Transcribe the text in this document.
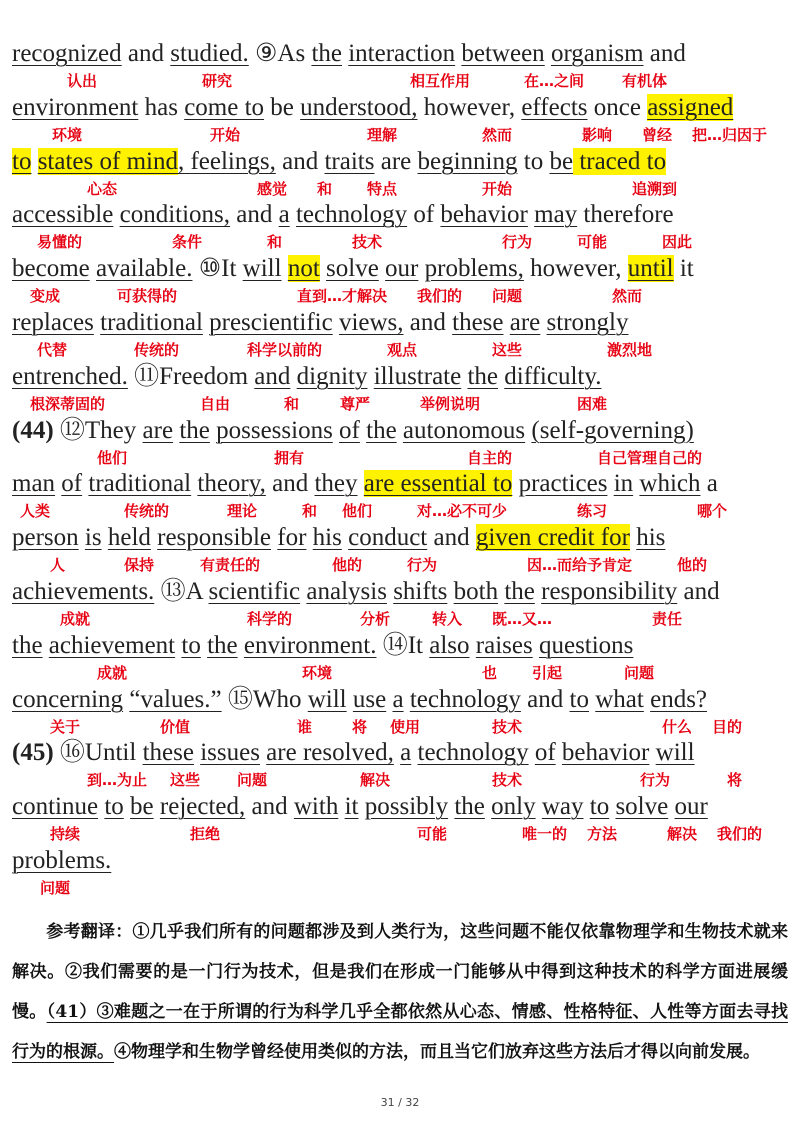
recognized and studied. ⑨As the interaction between organism and
认出	研究	相互作用	在…之间	有机体
environment has come to be understood, however, effects once assigned
环境	开始	理解	然而	影响 曾经 把…归因于
to states of mind, feelings, and traits are beginning to be traced to
心态	感觉 和 特点	开始	追溯到
accessible conditions, and a technology of behavior may therefore
易懂的	条件	和	技术	行为	可能	因此
become available. ⑩It will not solve our problems, however, until it
变成	可获得的	直到…才解决 我们的 问题	然而
replaces traditional prescientific views, and these are strongly
代替	传统的	科学以前的	观点	这些	激烈地
entrenched. ⑪Freedom and dignity illustrate the difficulty.
根深蒂固的	自由	和	尊严	举例说明	困难
(44) ⑫They are the possessions of the autonomous (self-governing)
他们	拥有	自主的	自己管理自己的
man of traditional theory, and they are essential to practices in which a
人类	传统的	理论	和 他们	对…必不可少	练习	哪个
person is held responsible for his conduct and given credit for his
人	保持	有责任的	他的	行为	因…而给予肯定	他的
achievements. ⑬A scientific analysis shifts both the responsibility and
成就	科学的	分析	转入 既…又…	责任
the achievement to the environment. ⑭It also raises questions
成就	环境	也 引起	问题
concerning “values.” ⑮Who will use a technology and to what ends?
关于	价值	谁	将 使用	技术	什么 目的
(45) ⑯Until these issues are resolved, a technology of behavior will
到…为止 这些 问题	解决	技术	行为	将
continue to be rejected, and with it possibly the only way to solve our
持续	拒绝	可能	唯一的 方法	解决 我们的
problems.
问题
参考翻译：①几乎我们所有的问题都涉及到人类行为，这些问题不能仅依靠物理学和生物技术就来解决。②我们需要的是一门行为技术，但是我们在形成一门能够从中得到这种技术的科学方面进展缓慢。（41）③难题之一在于所谓的行为科学几乎全都依然从心态、情感、性格特征、人性等方面去寻找行为的根源。④物理学和生物学曾经使用类似的方法，而且当它们放弃这些方法后才得以向前发展。
31 / 32
